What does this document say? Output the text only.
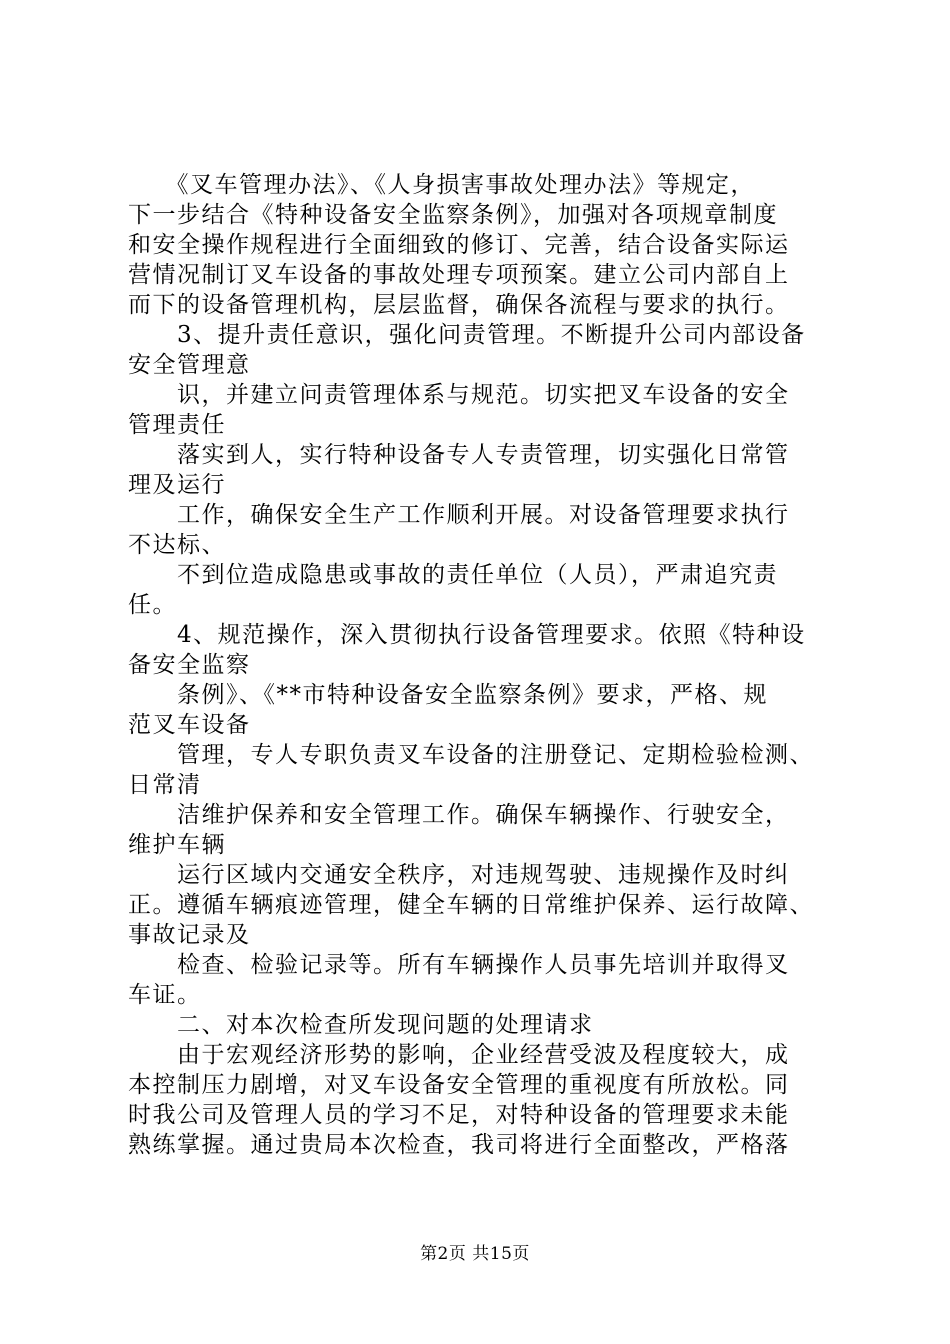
　　《叉车管理办法》、《人身损害事故处理办法》等规定，
下一步结合《特种设备安全监察条例》，加强对各项规章制度
和安全操作规程进行全面细致的修订、完善，结合设备实际运
营情况制订叉车设备的事故处理专项预案。建立公司内部自上
而下的设备管理机构，层层监督，确保各流程与要求的执行。
　　3、提升责任意识，强化问责管理。不断提升公司内部设备
安全管理意
　　识，并建立问责管理体系与规范。切实把叉车设备的安全
管理责任
　　落实到人，实行特种设备专人专责管理，切实强化日常管
理及运行
　　工作，确保安全生产工作顺利开展。对设备管理要求执行
不达标、
　　不到位造成隐患或事故的责任单位（人员），严肃追究责
任。
　　4、规范操作，深入贯彻执行设备管理要求。依照《特种设
备安全监察
　　条例》、《**市特种设备安全监察条例》要求，严格、规
范叉车设备
　　管理，专人专职负责叉车设备的注册登记、定期检验检测、
日常清
　　洁维护保养和安全管理工作。确保车辆操作、行驶安全，
维护车辆
　　运行区域内交通安全秩序，对违规驾驶、违规操作及时纠
正。遵循车辆痕迹管理，健全车辆的日常维护保养、运行故障、
事故记录及
　　检查、检验记录等。所有车辆操作人员事先培训并取得叉
车证。
　　二、对本次检查所发现问题的处理请求
　　由于宏观经济形势的影响，企业经营受波及程度较大，成
本控制压力剧增，对叉车设备安全管理的重视度有所放松。同
时我公司及管理人员的学习不足，对特种设备的管理要求未能
熟练掌握。通过贵局本次检查，我司将进行全面整改，严格落
第2页 共15页
